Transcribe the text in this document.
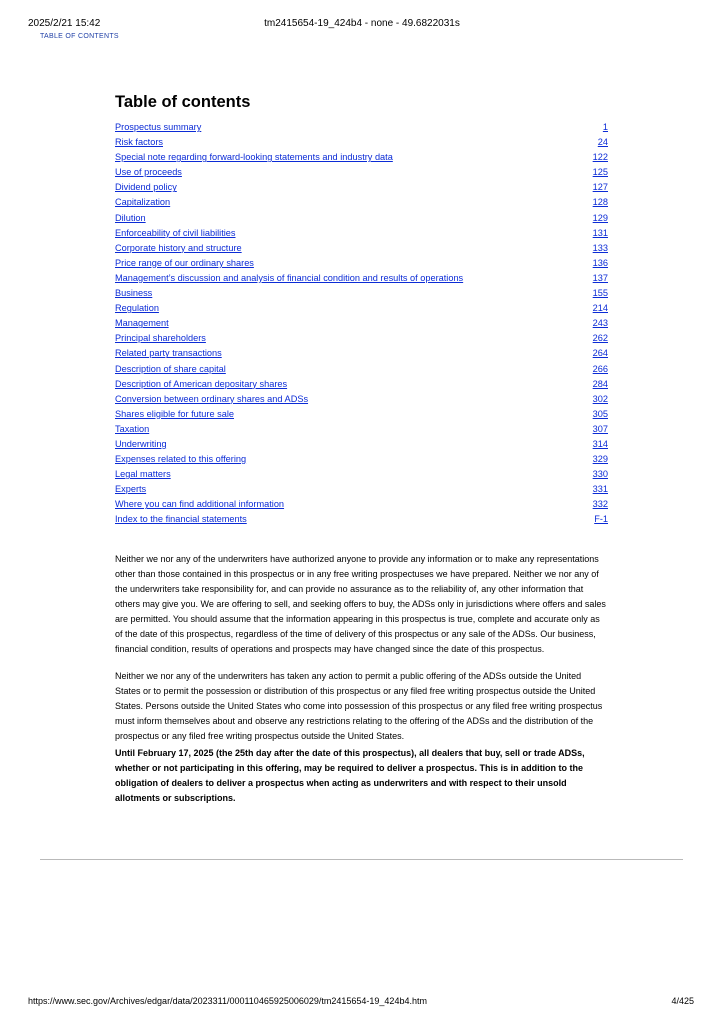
2025/2/21 15:42	tm2415654-19_424b4 - none - 49.6822031s
TABLE OF CONTENTS
Table of contents
Prospectus summary	1
Risk factors	24
Special note regarding forward-looking statements and industry data	122
Use of proceeds	125
Dividend policy	127
Capitalization	128
Dilution	129
Enforceability of civil liabilities	131
Corporate history and structure	133
Price range of our ordinary shares	136
Management’s discussion and analysis of financial condition and results of operations	137
Business	155
Regulation	214
Management	243
Principal shareholders	262
Related party transactions	264
Description of share capital	266
Description of American depositary shares	284
Conversion between ordinary shares and ADSs	302
Shares eligible for future sale	305
Taxation	307
Underwriting	314
Expenses related to this offering	329
Legal matters	330
Experts	331
Where you can find additional information	332
Index to the financial statements	F-1

Neither we nor any of the underwriters have authorized anyone to provide any information or to make any representations other than those contained in this prospectus or in any free writing prospectuses we have prepared. Neither we nor any of the underwriters take responsibility for, and can provide no assurance as to the reliability of, any other information that others may give you. We are offering to sell, and seeking offers to buy, the ADSs only in jurisdictions where offers and sales are permitted. You should assume that the information appearing in this prospectus is true, complete and accurate only as of the date of this prospectus, regardless of the time of delivery of this prospectus or any sale of the ADSs. Our business, financial condition, results of operations and prospects may have changed since the date of this prospectus.

Neither we nor any of the underwriters has taken any action to permit a public offering of the ADSs outside the United States or to permit the possession or distribution of this prospectus or any filed free writing prospectus outside the United States. Persons outside the United States who come into possession of this prospectus or any filed free writing prospectus must inform themselves about and observe any restrictions relating to the offering of the ADSs and the distribution of the prospectus or any filed free writing prospectus outside the United States.

Until February 17, 2025 (the 25th day after the date of this prospectus), all dealers that buy, sell or trade ADSs, whether or not participating in this offering, may be required to deliver a prospectus. This is in addition to the obligation of dealers to deliver a prospectus when acting as underwriters and with respect to their unsold allotments or subscriptions.

https://www.sec.gov/Archives/edgar/data/2023311/000110465925006029/tm2415654-19_424b4.htm	4/425
